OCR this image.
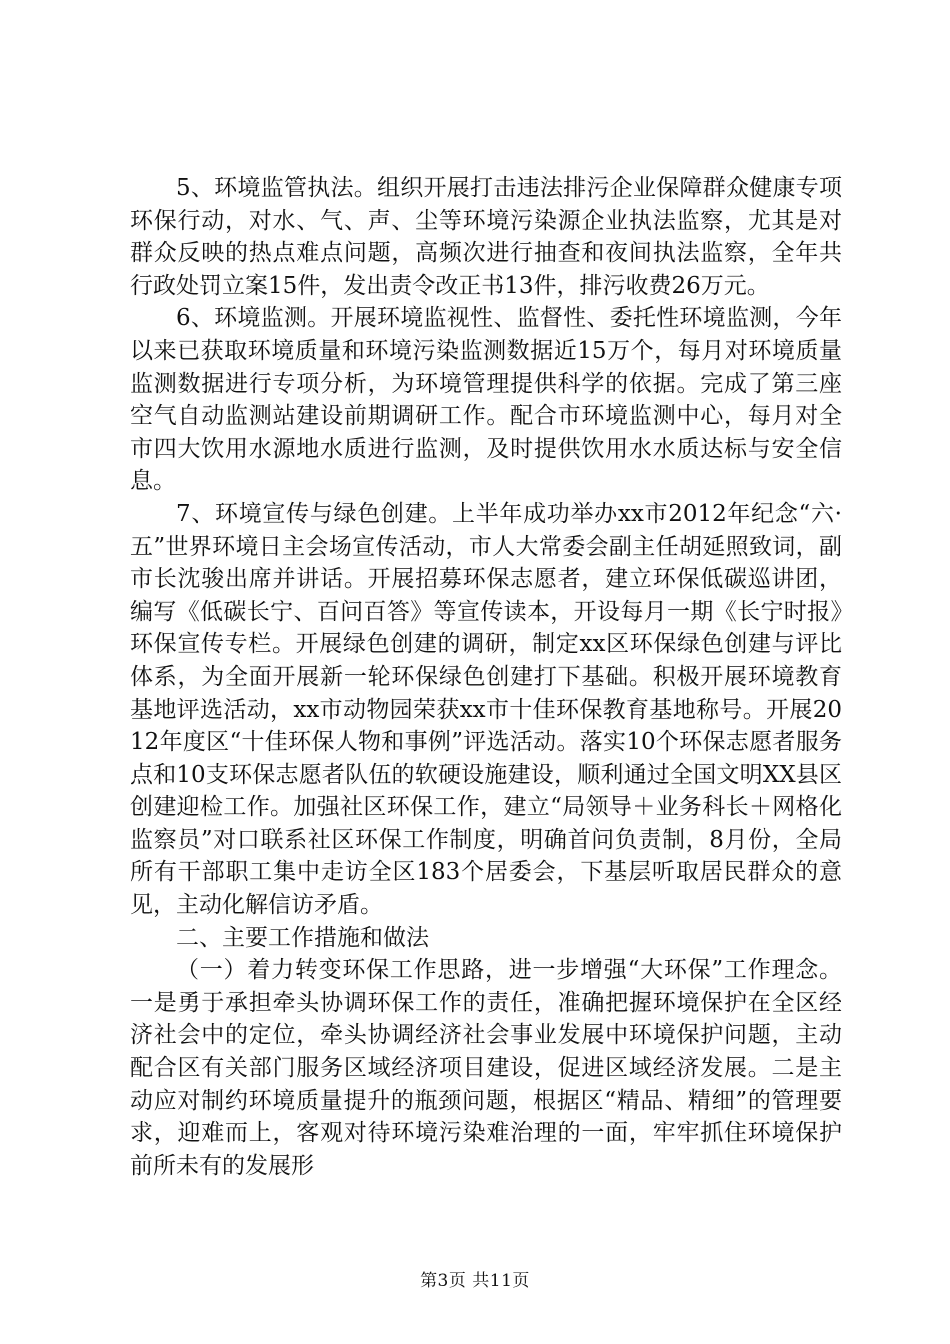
5、环境监管执法。组织开展打击违法排污企业保障群众健康专项环保行动，对水、气、声、尘等环境污染源企业执法监察，尤其是对群众反映的热点难点问题，高频次进行抽查和夜间执法监察，全年共行政处罚立案15件，发出责令改正书13件，排污收费26万元。

6、环境监测。开展环境监视性、监督性、委托性环境监测，今年以来已获取环境质量和环境污染监测数据近15万个，每月对环境质量监测数据进行专项分析，为环境管理提供科学的依据。完成了第三座空气自动监测站建设前期调研工作。配合市环境监测中心，每月对全市四大饮用水源地水质进行监测，及时提供饮用水水质达标与安全信息。

7、环境宣传与绿色创建。上半年成功举办xx市2012年纪念“六·五”世界环境日主会场宣传活动，市人大常委会副主任胡延照致词，副市长沈骏出席并讲话。开展招募环保志愿者，建立环保低碳巡讲团，编写《低碳长宁、百问百答》等宣传读本，开设每月一期《长宁时报》环保宣传专栏。开展绿色创建的调研，制定xx区环保绿色创建与评比体系，为全面开展新一轮环保绿色创建打下基础。积极开展环境教育基地评选活动，xx市动物园荣获xx市十佳环保教育基地称号。开展2012年度区“十佳环保人物和事例”评选活动。落实10个环保志愿者服务点和10支环保志愿者队伍的软硬设施建设，顺利通过全国文明XX县区创建迎检工作。加强社区环保工作，建立“局领导＋业务科长＋网格化监察员”对口联系社区环保工作制度，明确首问负责制，8月份，全局所有干部职工集中走访全区183个居委会，下基层听取居民群众的意见，主动化解信访矛盾。

二、主要工作措施和做法

（一）着力转变环保工作思路，进一步增强“大环保”工作理念。一是勇于承担牵头协调环保工作的责任，准确把握环境保护在全区经济社会中的定位，牵头协调经济社会事业发展中环境保护问题，主动配合区有关部门服务区域经济项目建设，促进区域经济发展。二是主动应对制约环境质量提升的瓶颈问题，根据区“精品、精细”的管理要求，迎难而上，客观对待环境污染难治理的一面，牢牢抓住环境保护前所未有的发展形

第3页 共11页
